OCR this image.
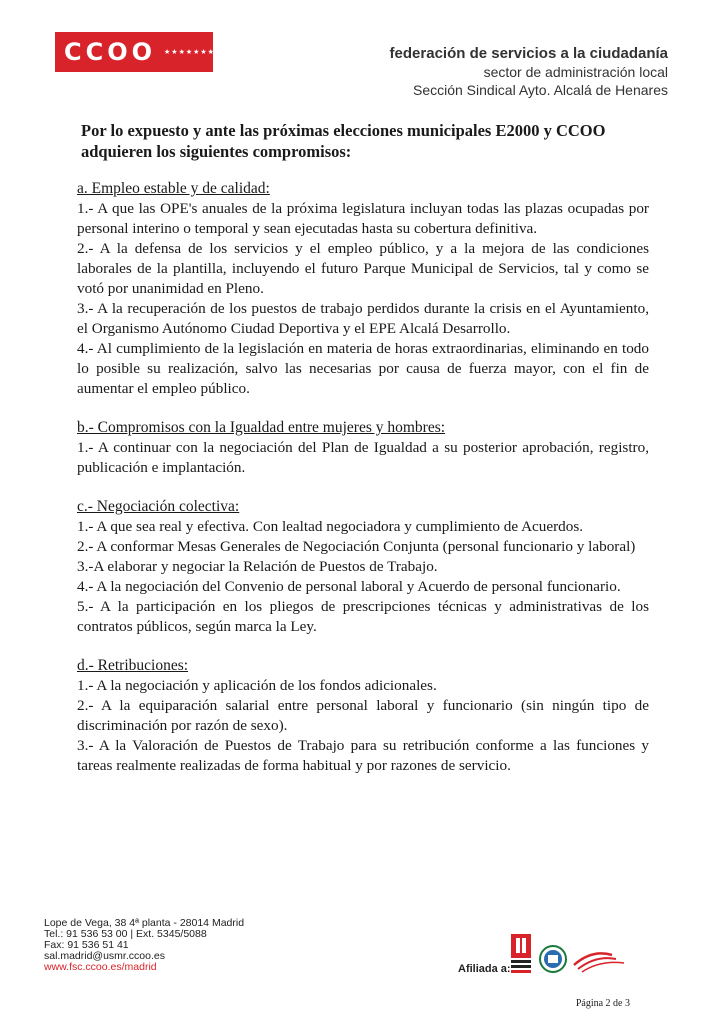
CCOO	★★★★★★★	federación de servicios a la ciudadanía
sector de administración local
Sección Sindical Ayto. Alcalá de Henares

Por lo expuesto y ante las próximas elecciones municipales E2000 y CCOO adquieren los siguientes compromisos:

a. Empleo estable y de calidad:

1.- A que las OPE's anuales de la próxima legislatura incluyan todas las plazas ocupadas por personal interino o temporal y sean ejecutadas hasta su cobertura definitiva.

2.- A la defensa de los servicios y el empleo público, y a la mejora de las condiciones laborales de la plantilla, incluyendo el futuro Parque Municipal de Servicios, tal y como se votó por unanimidad en Pleno.

3.- A la recuperación de los puestos de trabajo perdidos durante la crisis en el Ayuntamiento, el Organismo Autónomo Ciudad Deportiva y el EPE Alcalá Desarrollo.

4.- Al cumplimiento de la legislación en materia de horas extraordinarias, eliminando en todo lo posible su realización, salvo las necesarias por causa de fuerza mayor, con el fin de aumentar el empleo público.

b.- Compromisos con la Igualdad entre mujeres y hombres:

1.- A continuar con la negociación del Plan de Igualdad a su posterior aprobación, registro, publicación e implantación.

c.- Negociación colectiva:

1.- A que sea real y efectiva. Con lealtad negociadora y cumplimiento de Acuerdos.

2.- A conformar Mesas Generales de Negociación Conjunta (personal funcionario y laboral)

3.-A elaborar y negociar la Relación de Puestos de Trabajo.

4.- A la negociación del Convenio de personal laboral y Acuerdo de personal funcionario.

5.- A la participación en los pliegos de prescripciones técnicas y administrativas de los contratos públicos, según marca la Ley.

d.- Retribuciones:

1.- A la negociación y aplicación de los fondos adicionales.

2.- A la equiparación salarial entre personal laboral y funcionario (sin ningún tipo de discriminación por razón de sexo).

3.- A la Valoración de Puestos de Trabajo para su retribución conforme a las funciones y tareas realmente realizadas de forma habitual y por razones de servicio.

Lope de Vega, 38 4ª planta - 28014 Madrid
Tel.: 91 536 53 00 | Ext. 5345/5088
Fax: 91 536 51 41
sal.madrid@usmr.ccoo.es
www.fsc.ccoo.es/madrid	Afiliada a:
Página 2 de 3
